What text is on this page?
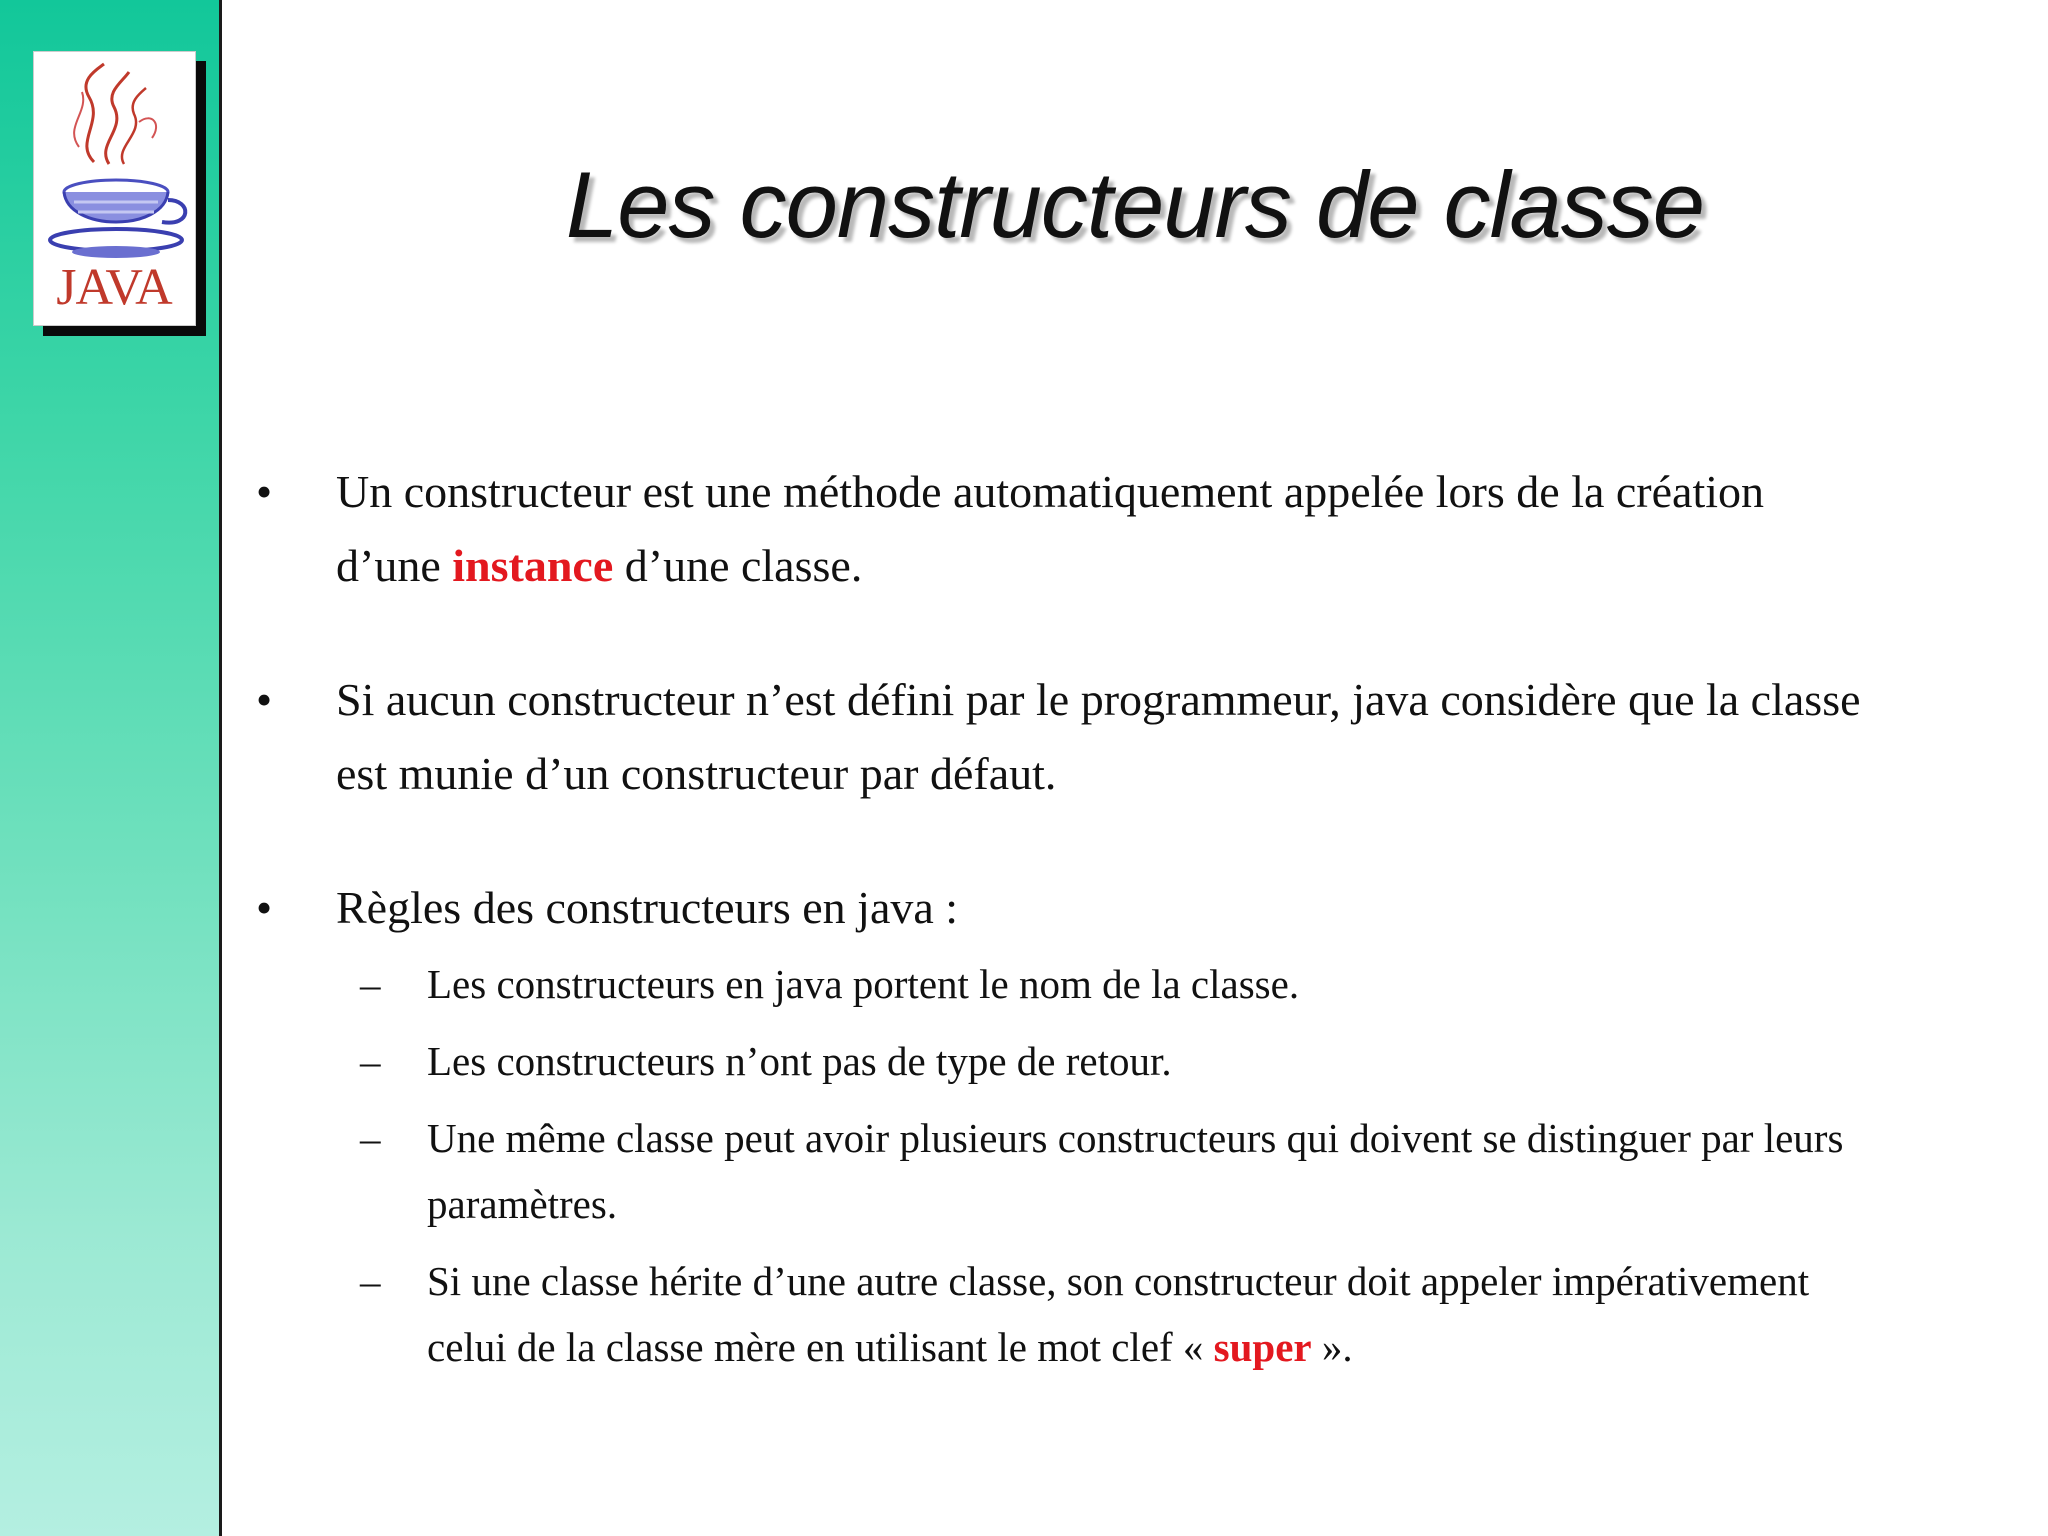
JAVA
Les constructeurs de classe
• Un constructeur est une méthode automatiquement appelée lors de la création d’une instance d’une classe.
• Si aucun constructeur n’est défini par le programmeur, java considère que la classe est munie d’un constructeur par défaut.
• Règles des constructeurs en java :
– Les constructeurs en java portent le nom de la classe.
– Les constructeurs n’ont pas de type de retour.
– Une même classe peut avoir plusieurs constructeurs qui doivent se distinguer par leurs paramètres.
– Si une classe hérite d’une autre classe, son constructeur doit appeler impérativement celui de la classe mère en utilisant le mot clef « super ».
